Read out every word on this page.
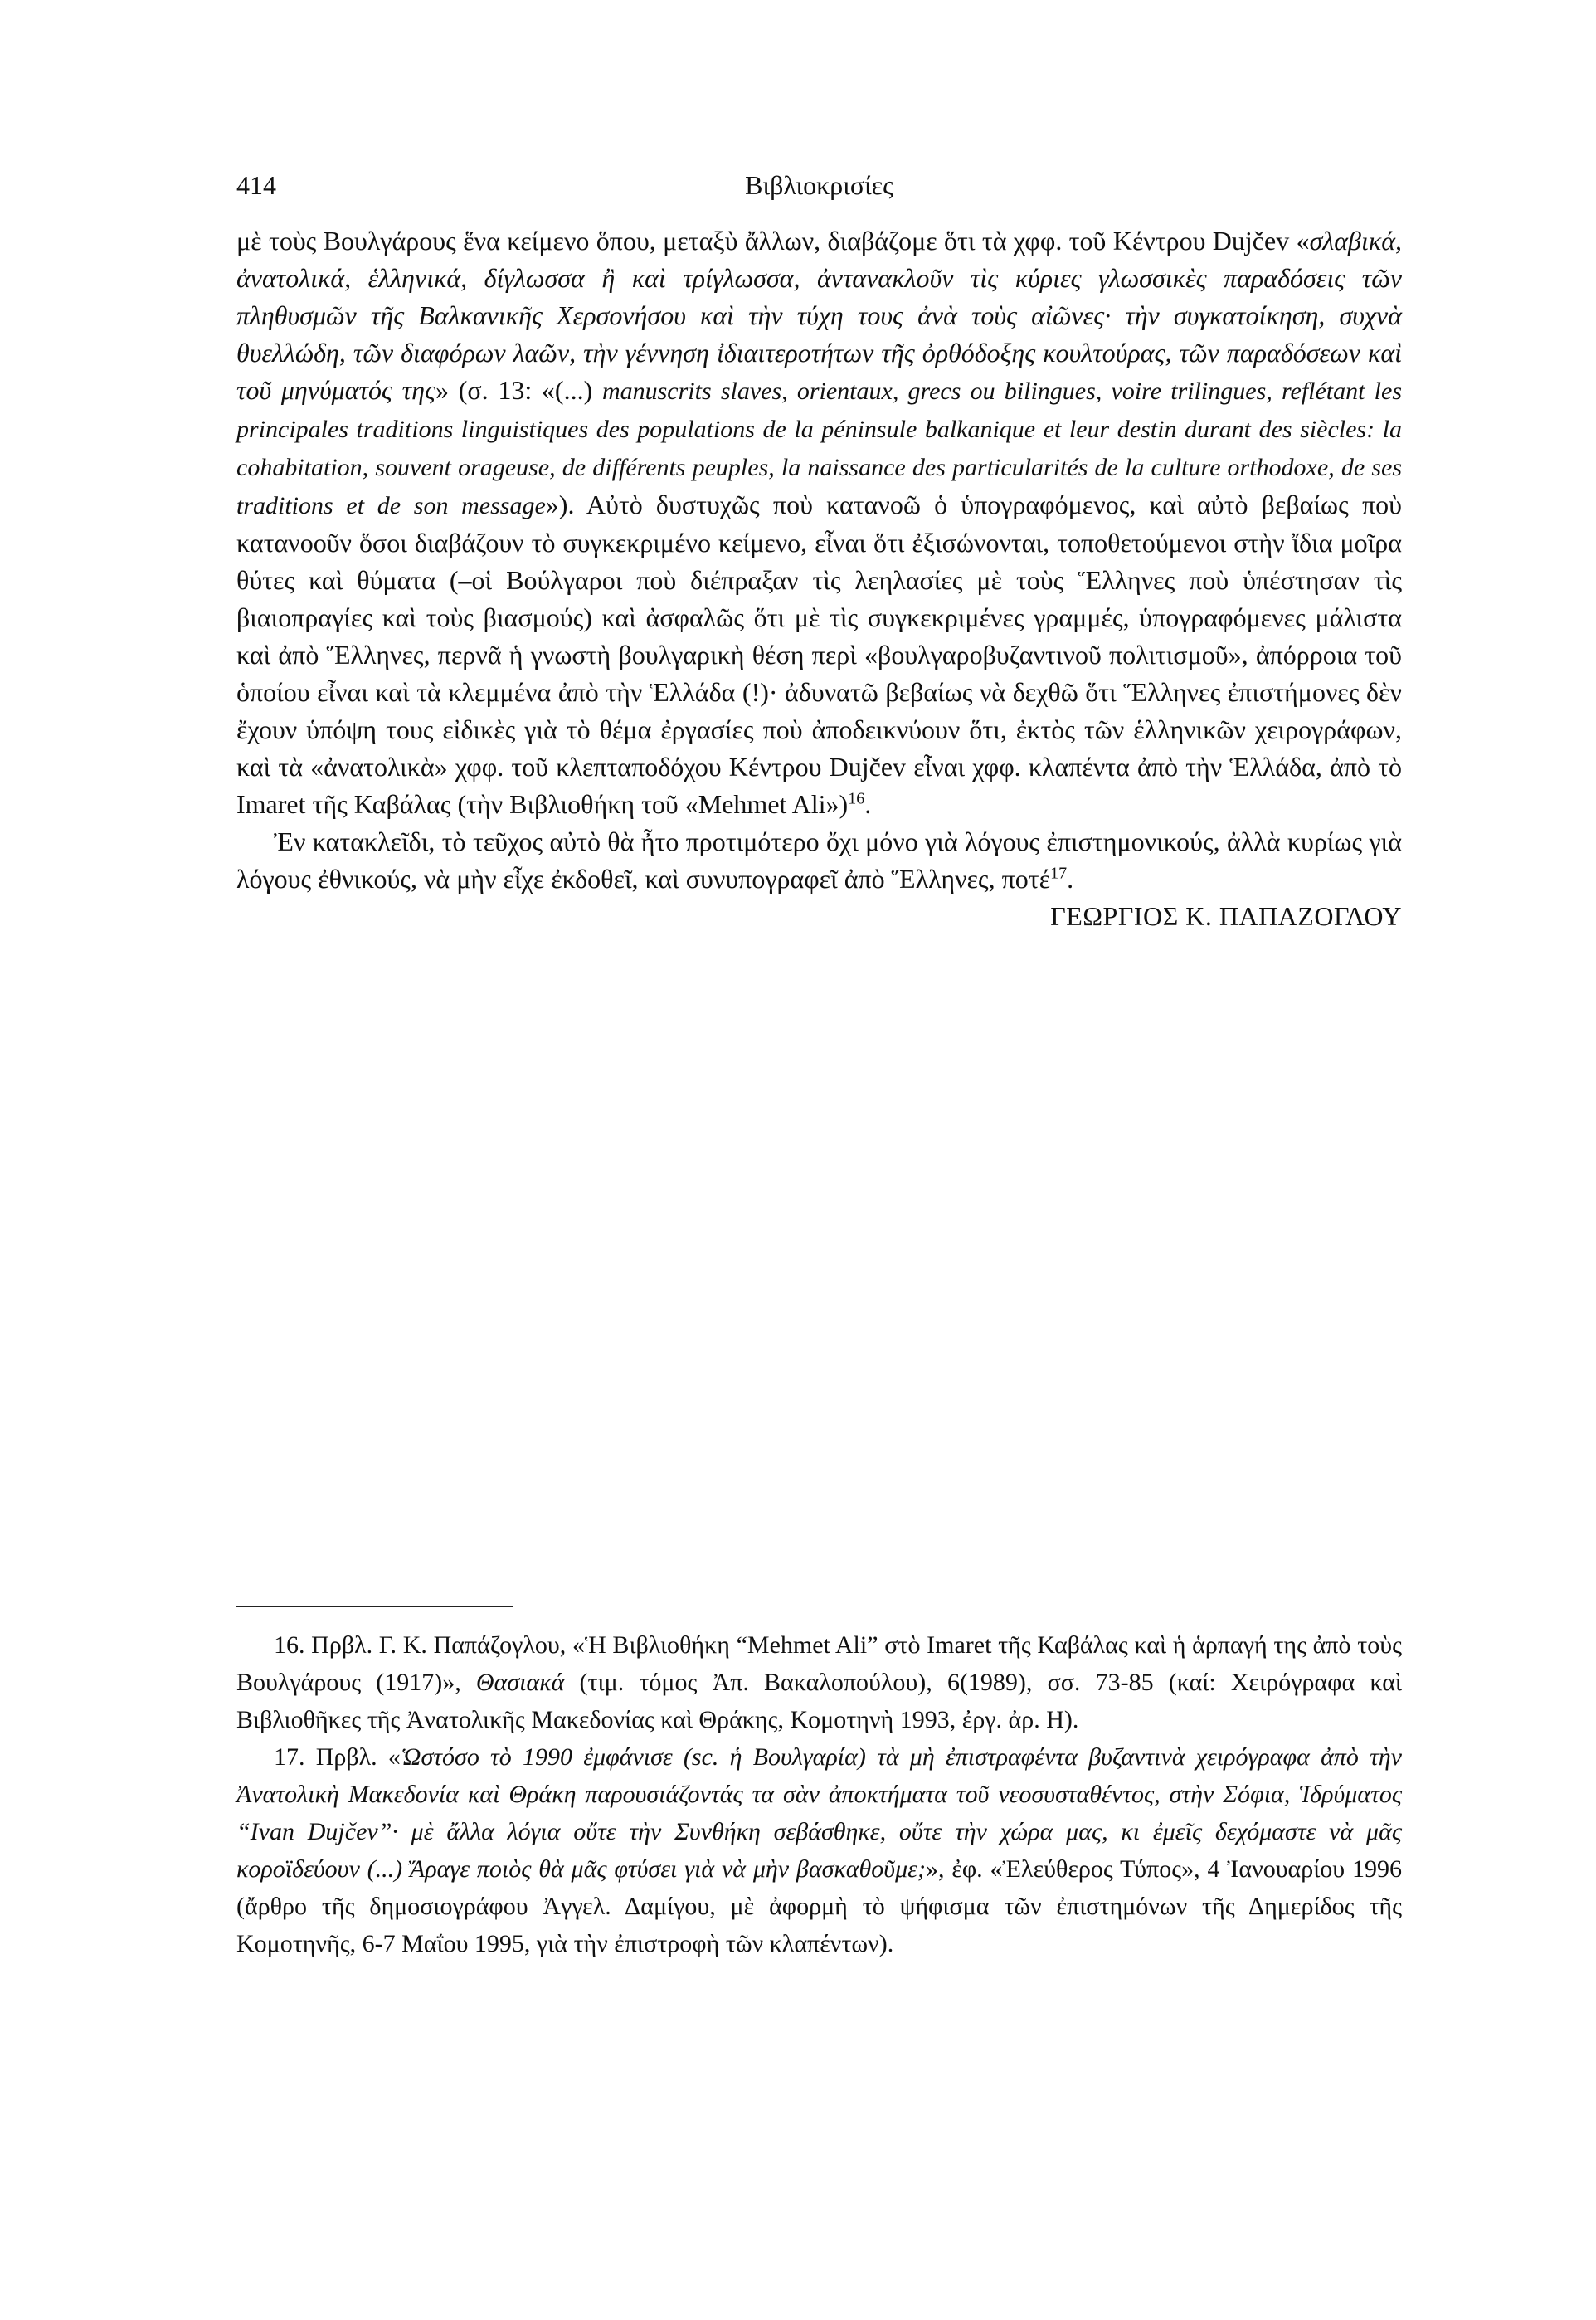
414	Βιβλιοκρισίες

μὲ τοὺς Βουλγάρους ἕνα κείμενο ὅπου, μεταξὺ ἄλλων, διαβάζομε ὅτι τὰ χφφ. τοῦ Κέντρου Dujčev «σλαβικά, ἀνατολικά, ἑλληνικά, δίγλωσσα ἢ καὶ τρίγλωσσα, ἀντανακλοῦν τὶς κύριες γλωσσικὲς παραδόσεις τῶν πληθυσμῶν τῆς Βαλκανικῆς Χερσονήσου καὶ τὴν τύχη τους ἀνὰ τοὺς αἰῶνες· τὴν συγκατοίκηση, συχνὰ θυελλώδη, τῶν διαφόρων λαῶν, τὴν γέννηση ἰδιαιτεροτήτων τῆς ὀρθόδοξης κουλτούρας, τῶν παραδόσεων καὶ τοῦ μηνύματός της» (σ. 13: «(...) manuscrits slaves, orientaux, grecs ou bilingues, voire trilingues, reflétant les principales traditions linguistiques des populations de la péninsule balkanique et leur destin durant des siècles: la cohabitation, souvent orageuse, de différents peuples, la naissance des particularités de la culture orthodoxe, de ses traditions et de son message»). Αὐτὸ δυστυχῶς ποὺ κατανοῶ ὁ ὑπογραφόμενος, καὶ αὐτὸ βεβαίως ποὺ κατανοοῦν ὅσοι διαβάζουν τὸ συγκεκριμένο κείμενο, εἶναι ὅτι ἐξισώνονται, τοποθετούμενοι στὴν ἴδια μοῖρα θύτες καὶ θύματα (–οἱ Βούλγαροι ποὺ διέπραξαν τὶς λεηλασίες μὲ τοὺς Ἕλληνες ποὺ ὑπέστησαν τὶς βιαιοπραγίες καὶ τοὺς βιασμούς) καὶ ἀσφαλῶς ὅτι μὲ τὶς συγκεκριμένες γραμμές, ὑπογραφόμενες μάλιστα καὶ ἀπὸ Ἕλληνες, περνᾶ ἡ γνωστὴ βουλγαρικὴ θέση περὶ «βουλγαροβυζαντινοῦ πολιτισμοῦ», ἀπόρροια τοῦ ὁποίου εἶναι καὶ τὰ κλεμμένα ἀπὸ τὴν Ἑλλάδα (!)· ἀδυνατῶ βεβαίως νὰ δεχθῶ ὅτι Ἕλληνες ἐπιστήμονες δὲν ἔχουν ὑπόψη τους εἰδικὲς γιὰ τὸ θέμα ἐργασίες ποὺ ἀποδεικνύουν ὅτι, ἐκτὸς τῶν ἑλληνικῶν χειρογράφων, καὶ τὰ «ἀνατολικὰ» χφφ. τοῦ κλεπταποδόχου Κέντρου Dujčev εἶναι χφφ. κλαπέντα ἀπὸ τὴν Ἑλλάδα, ἀπὸ τὸ Imaret τῆς Καβάλας (τὴν Βιβλιοθήκη τοῦ «Mehmet Ali»)$^{16}$.

Ἐν κατακλεῖδι, τὸ τεῦχος αὐτὸ θὰ ἦτο προτιμότερο ὄχι μόνο γιὰ λόγους ἐπιστημονικούς, ἀλλὰ κυρίως γιὰ λόγους ἐθνικούς, νὰ μὴν εἶχε ἐκδοθεῖ, καὶ συνυπογραφεῖ ἀπὸ Ἕλληνες, ποτέ$^{17}$.

ΓΕΩΡΓΙΟΣ Κ. ΠΑΠΑΖΟΓΛΟΥ

16. Πρβλ. Γ. Κ. Παπάζογλου, «Ἡ Βιβλιοθήκη “Mehmet Ali” στὸ Imaret τῆς Καβάλας καὶ ἡ ἁρπαγή της ἀπὸ τοὺς Βουλγάρους (1917)», Θασιακά (τιμ. τόμος Ἀπ. Βακαλοπούλου), 6(1989), σσ. 73-85 (καί: Χειρόγραφα καὶ Βιβλιοθῆκες τῆς Ἀνατολικῆς Μακεδονίας καὶ Θράκης, Κομοτηνὴ 1993, ἐργ. ἀρ. Η).

17. Πρβλ. «Ὡστόσο τὸ 1990 ἐμφάνισε (sc. ἡ Βουλγαρία) τὰ μὴ ἐπιστραφέντα βυζαντινὰ χειρόγραφα ἀπὸ τὴν Ἀνατολικὴ Μακεδονία καὶ Θράκη παρουσιάζοντάς τα σὰν ἀποκτήματα τοῦ νεοσυσταθέντος, στὴν Σόφια, Ἱδρύματος “Ivan Dujčev”· μὲ ἄλλα λόγια οὔτε τὴν Συνθήκη σεβάσθηκε, οὔτε τὴν χώρα μας, κι ἐμεῖς δεχόμαστε νὰ μᾶς κοροϊδεύουν (...) Ἄραγε ποιὸς θὰ μᾶς φτύσει γιὰ νὰ μὴν βασκαθοῦμε;», ἐφ. «Ἐλεύθερος Τύπος», 4 Ἰανουαρίου 1996 (ἄρθρο τῆς δημοσιογράφου Ἀγγελ. Δαμίγου, μὲ ἀφορμὴ τὸ ψήφισμα τῶν ἐπιστημόνων τῆς Δημερίδος τῆς Κομοτηνῆς, 6-7 Μαΐου 1995, γιὰ τὴν ἐπιστροφὴ τῶν κλαπέντων).
